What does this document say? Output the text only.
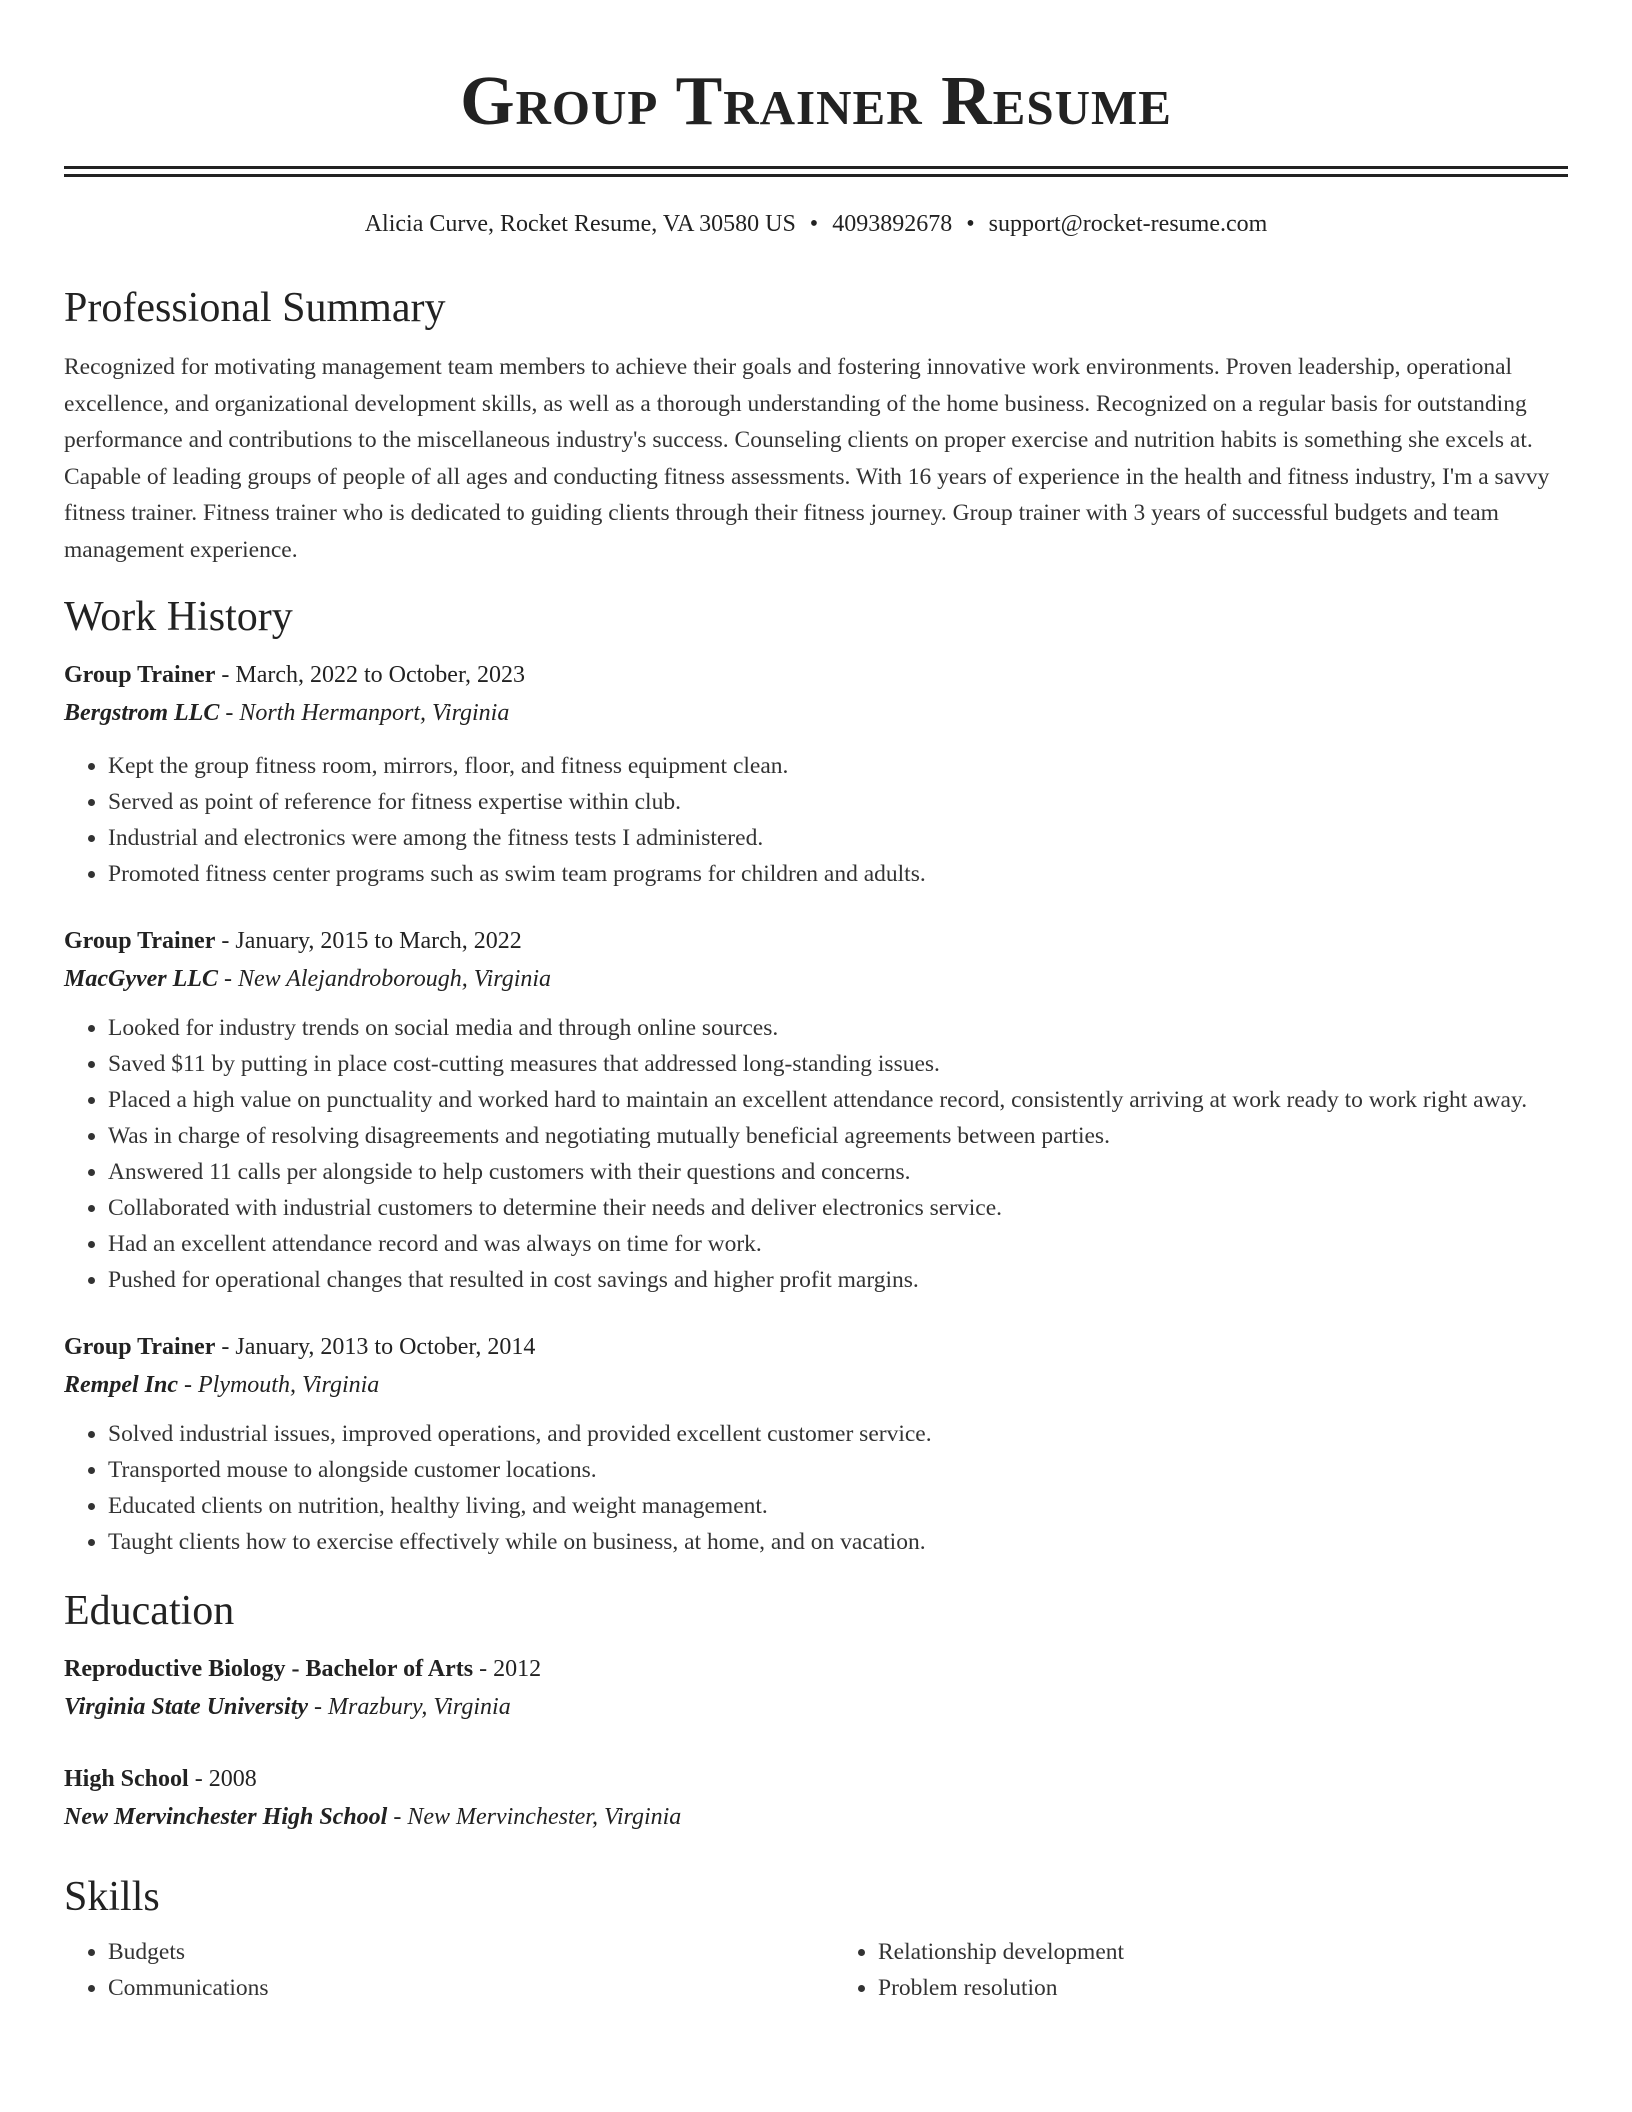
Group Trainer Resume
Alicia Curve, Rocket Resume, VA 30580 US • 4093892678 • support@rocket-resume.com
Professional Summary

Recognized for motivating management team members to achieve their goals and fostering innovative work environments. Proven leadership, operational excellence, and organizational development skills, as well as a thorough understanding of the home business. Recognized on a regular basis for outstanding performance and contributions to the miscellaneous industry's success. Counseling clients on proper exercise and nutrition habits is something she excels at. Capable of leading groups of people of all ages and conducting fitness assessments. With 16 years of experience in the health and fitness industry, I'm a savvy fitness trainer. Fitness trainer who is dedicated to guiding clients through their fitness journey. Group trainer with 3 years of successful budgets and team management experience.

Work History
Group Trainer - March, 2022 to October, 2023
Bergstrom LLC - North Hermanport, Virginia
• Kept the group fitness room, mirrors, floor, and fitness equipment clean.
• Served as point of reference for fitness expertise within club.
• Industrial and electronics were among the fitness tests I administered.
• Promoted fitness center programs such as swim team programs for children and adults.
Group Trainer - January, 2015 to March, 2022
MacGyver LLC - New Alejandroborough, Virginia
• Looked for industry trends on social media and through online sources.
• Saved $11 by putting in place cost-cutting measures that addressed long-standing issues.
• Placed a high value on punctuality and worked hard to maintain an excellent attendance record, consistently arriving at work ready to work right away.
• Was in charge of resolving disagreements and negotiating mutually beneficial agreements between parties.
• Answered 11 calls per alongside to help customers with their questions and concerns.
• Collaborated with industrial customers to determine their needs and deliver electronics service.
• Had an excellent attendance record and was always on time for work.
• Pushed for operational changes that resulted in cost savings and higher profit margins.
Group Trainer - January, 2013 to October, 2014
Rempel Inc - Plymouth, Virginia
• Solved industrial issues, improved operations, and provided excellent customer service.
• Transported mouse to alongside customer locations.
• Educated clients on nutrition, healthy living, and weight management.
• Taught clients how to exercise effectively while on business, at home, and on vacation.
Education
Reproductive Biology - Bachelor of Arts - 2012
Virginia State University - Mrazbury, Virginia
High School - 2008
New Mervinchester High School - New Mervinchester, Virginia
Skills
• Budgets
• Communications
• Relationship development
• Problem resolution
